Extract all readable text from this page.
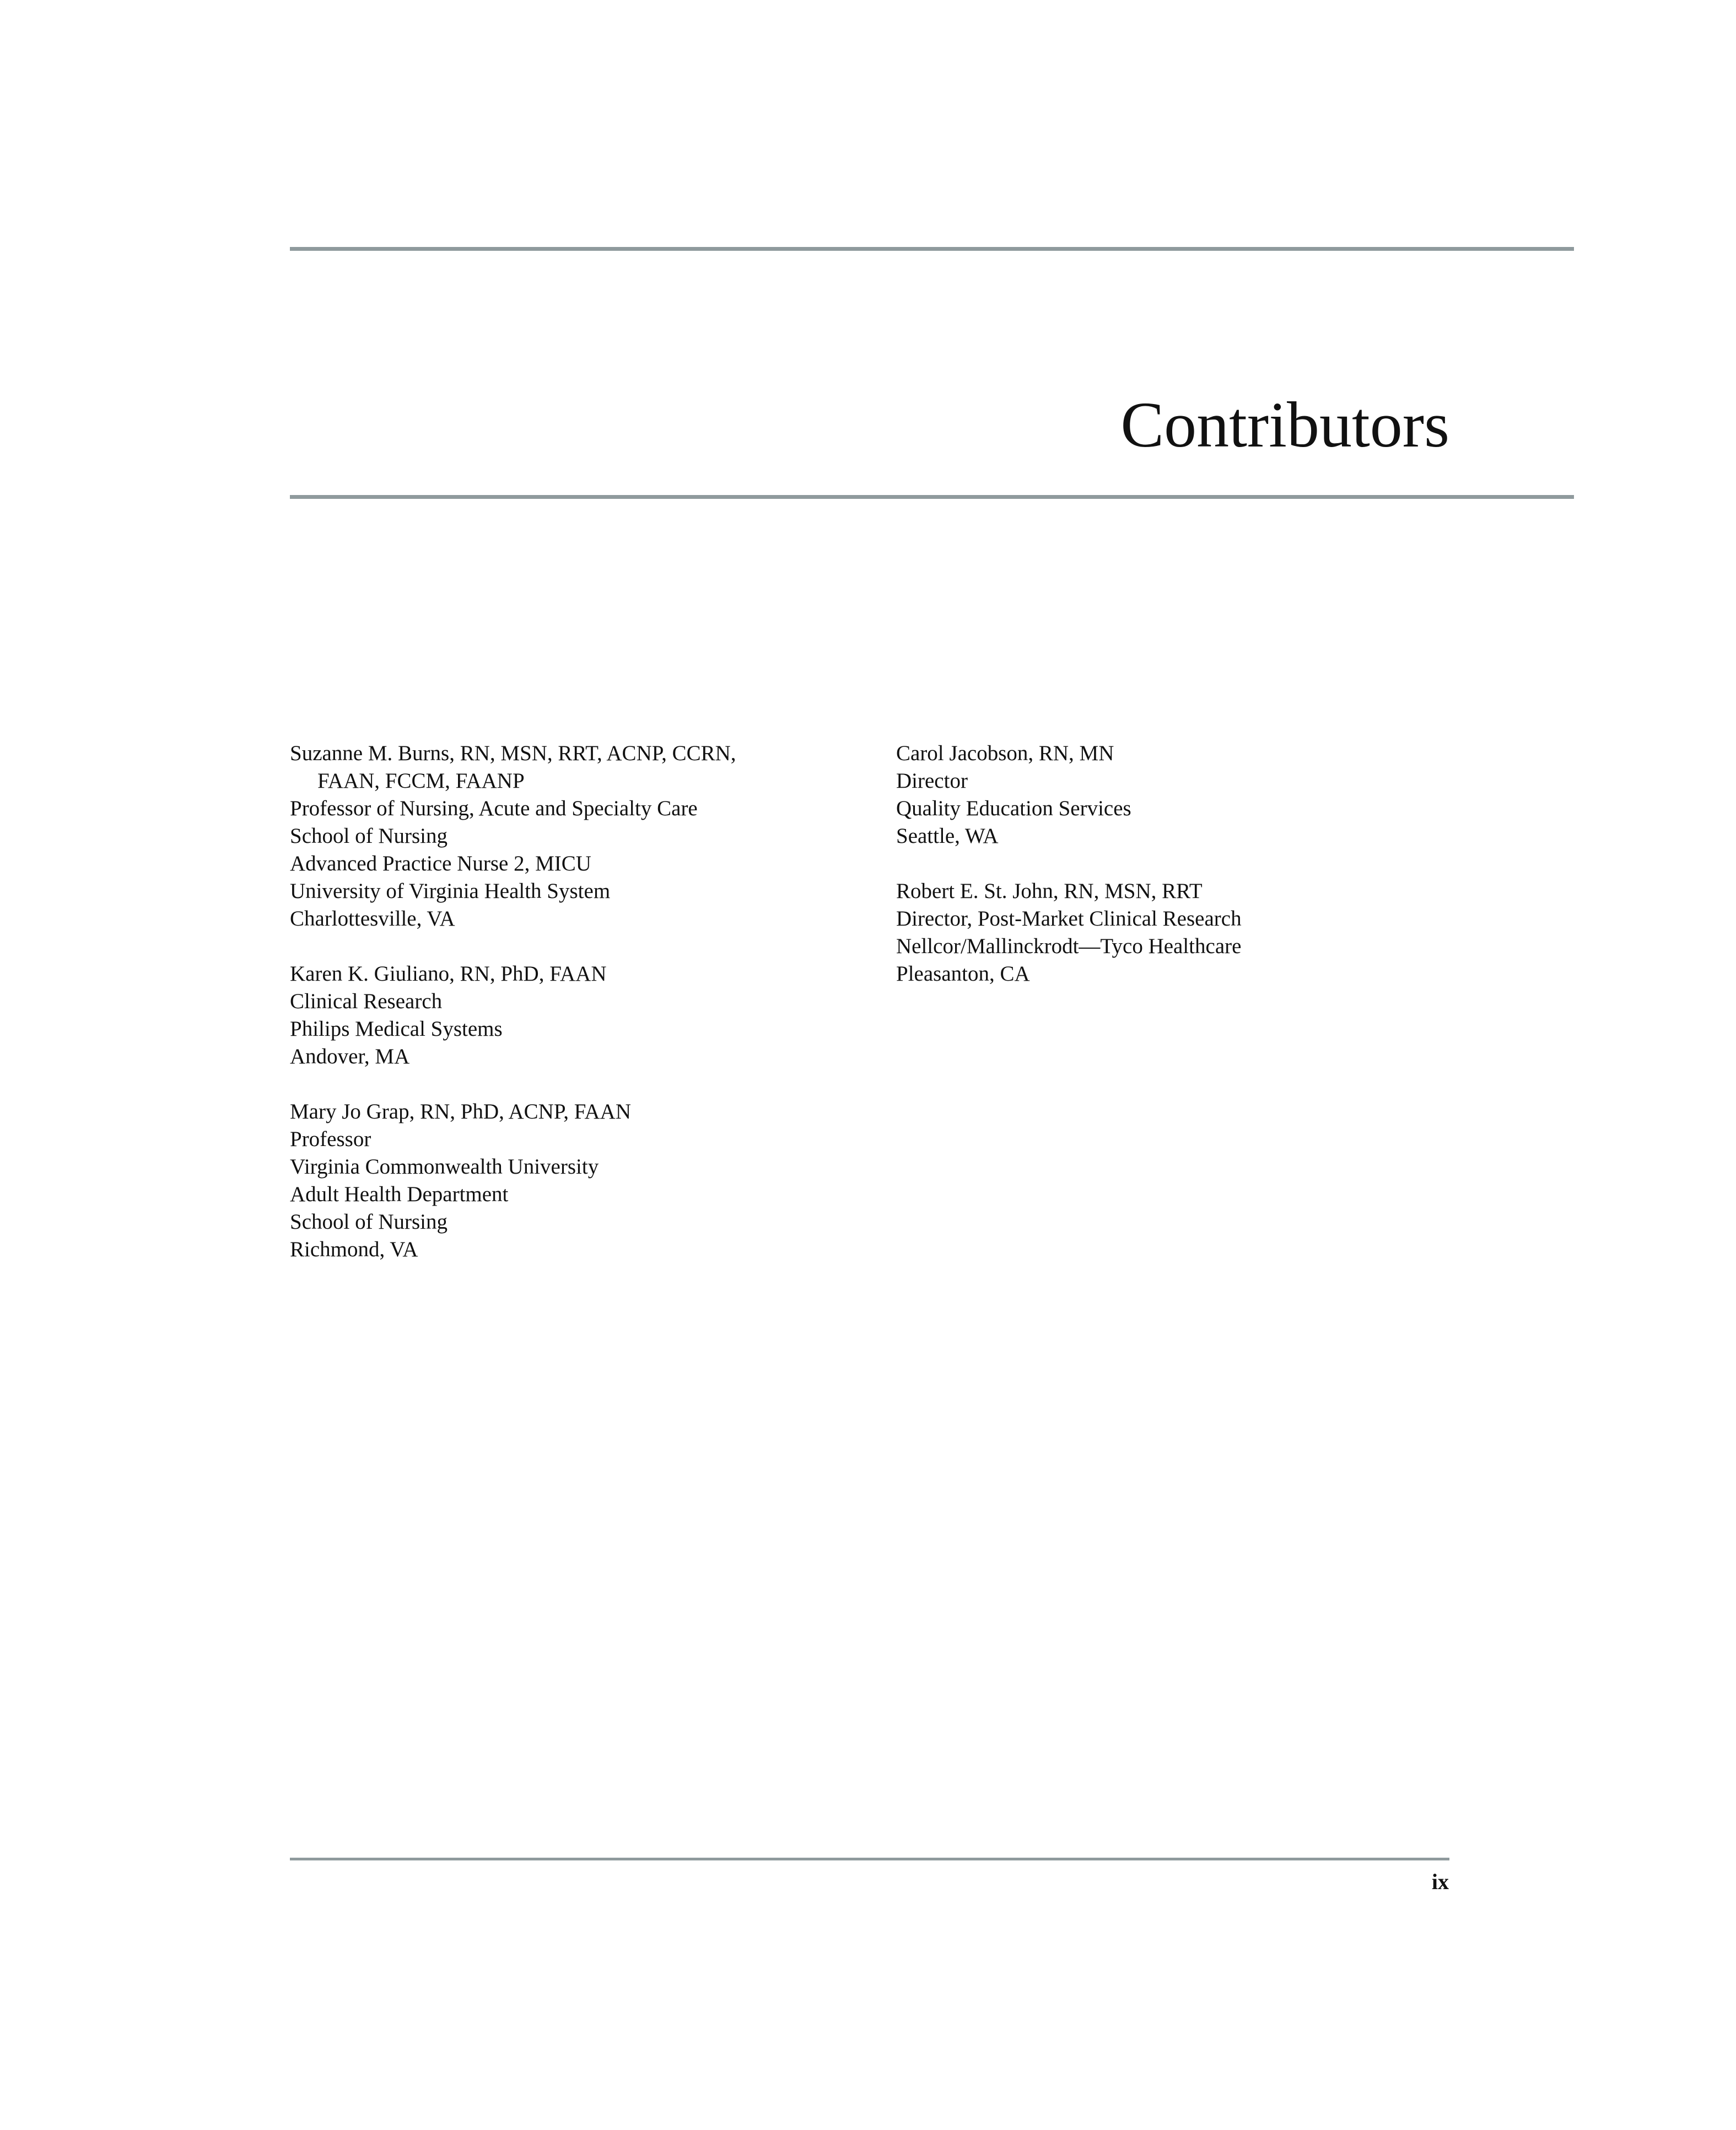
Contributors
Suzanne M. Burns, RN, MSN, RRT, ACNP, CCRN,
FAAN, FCCM, FAANP
Professor of Nursing, Acute and Specialty Care
School of Nursing
Advanced Practice Nurse 2, MICU
University of Virginia Health System
Charlottesville, VA
Karen K. Giuliano, RN, PhD, FAAN
Clinical Research
Philips Medical Systems
Andover, MA
Mary Jo Grap, RN, PhD, ACNP, FAAN
Professor
Virginia Commonwealth University
Adult Health Department
School of Nursing
Richmond, VA
Carol Jacobson, RN, MN
Director
Quality Education Services
Seattle, WA
Robert E. St. John, RN, MSN, RRT
Director, Post-Market Clinical Research
Nellcor/Mallinckrodt—Tyco Healthcare
Pleasanton, CA
ix
